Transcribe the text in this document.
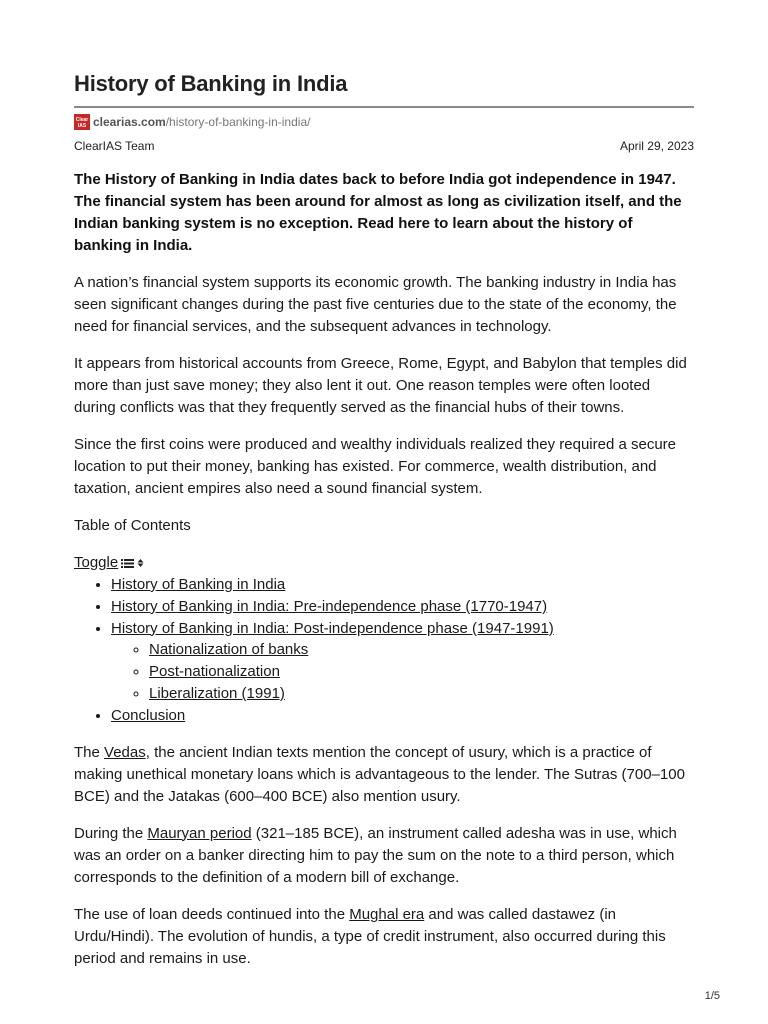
History of Banking in India
Clear
IAS clearias.com /history-of-banking-in-india/
ClearIAS Team	April 29, 2023

The History of Banking in India dates back to before India got independence in 1947. The financial system has been around for almost as long as civilization itself, and the Indian banking system is no exception. Read here to learn about the history of banking in India.

A nation’s financial system supports its economic growth. The banking industry in India has seen significant changes during the past five centuries due to the state of the economy, the need for financial services, and the subsequent advances in technology.

It appears from historical accounts from Greece, Rome, Egypt, and Babylon that temples did more than just save money; they also lent it out. One reason temples were often looted during conflicts was that they frequently served as the financial hubs of their towns.

Since the first coins were produced and wealthy individuals realized they required a secure location to put their money, banking has existed. For commerce, wealth distribution, and taxation, ancient empires also need a sound financial system.

Table of Contents
Toggle
• History of Banking in India
• History of Banking in India: Pre-independence phase (1770-1947)
• History of Banking in India: Post-independence phase (1947-1991)
◦ Nationalization of banks
◦ Post-nationalization
◦ Liberalization (1991)
• Conclusion

The Vedas, the ancient Indian texts mention the concept of usury, which is a practice of making unethical monetary loans which is advantageous to the lender. The Sutras (700–100 BCE) and the Jatakas (600–400 BCE) also mention usury.

During the Mauryan period (321–185 BCE), an instrument called adesha was in use, which was an order on a banker directing him to pay the sum on the note to a third person, which corresponds to the definition of a modern bill of exchange.

The use of loan deeds continued into the Mughal era and was called dastawez (in Urdu/Hindi). The evolution of hundis, a type of credit instrument, also occurred during this period and remains in use.

1/5
